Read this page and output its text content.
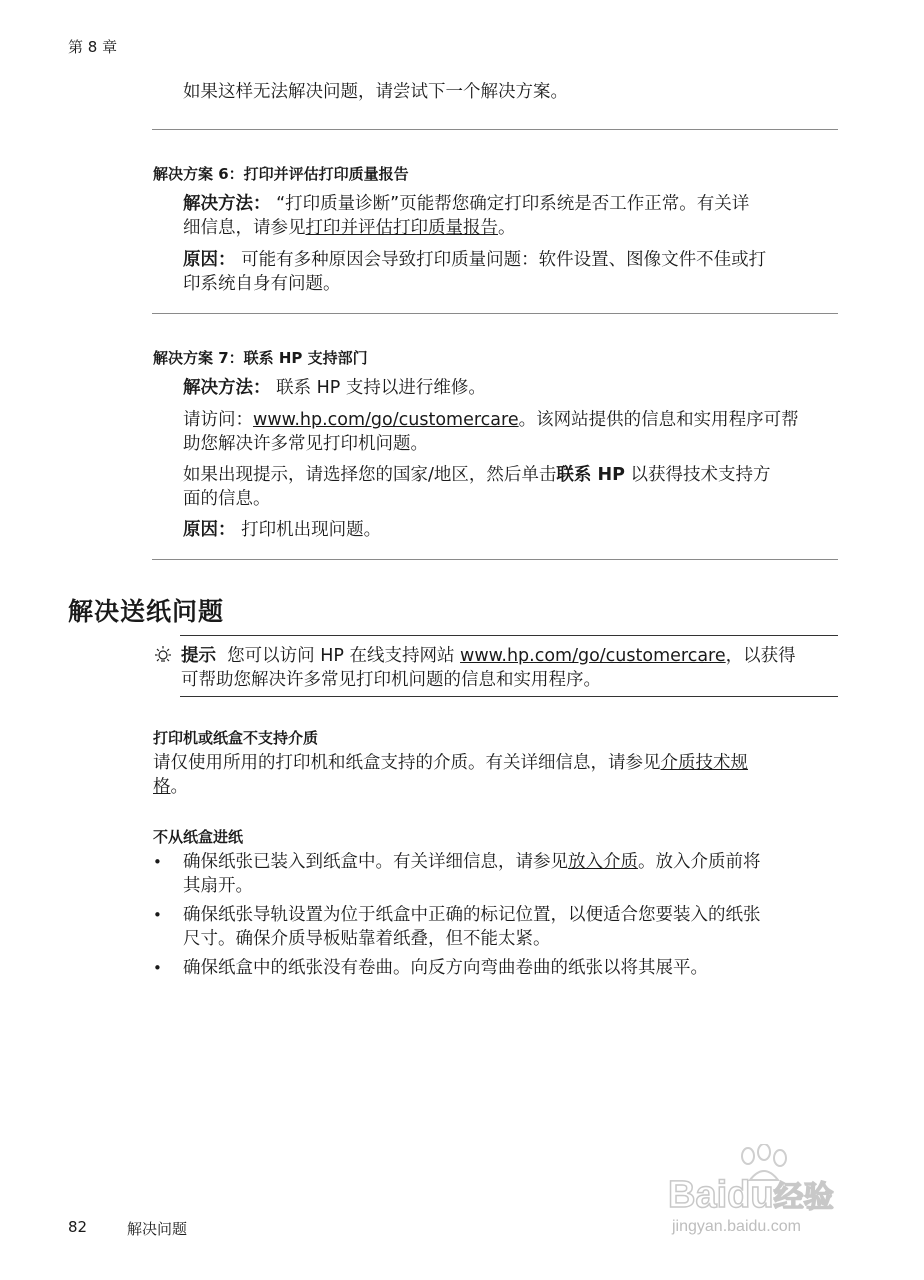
第 8 章
如果这样无法解决问题，请尝试下一个解决方案。
解决方案 6：打印并评估打印质量报告
解决方法： “打印质量诊断”页能帮您确定打印系统是否工作正常。有关详
细信息，请参见打印并评估打印质量报告。
原因： 可能有多种原因会导致打印质量问题：软件设置、图像文件不佳或打
印系统自身有问题。
解决方案 7：联系 HP 支持部门
解决方法： 联系 HP 支持以进行维修。
请访问：www.hp.com/go/customercare。该网站提供的信息和实用程序可帮
助您解决许多常见打印机问题。
如果出现提示，请选择您的国家/地区，然后单击联系 HP 以获得技术支持方
面的信息。
原因： 打印机出现问题。
解决送纸问题
提示 您可以访问 HP 在线支持网站 www.hp.com/go/customercare，以获得
可帮助您解决许多常见打印机问题的信息和实用程序。
打印机或纸盒不支持介质
请仅使用所用的打印机和纸盒支持的介质。有关详细信息，请参见介质技术规
格。
不从纸盒进纸
• 确保纸张已装入到纸盒中。有关详细信息，请参见放入介质。放入介质前将
其扇开。
• 确保纸张导轨设置为位于纸盒中正确的标记位置，以便适合您要装入的纸张
尺寸。确保介质导板贴靠着纸叠，但不能太紧。
• 确保纸盒中的纸张没有卷曲。向反方向弯曲卷曲的纸张以将其展平。
Baidu经验
jingyan.baidu.com
82	解决问题
